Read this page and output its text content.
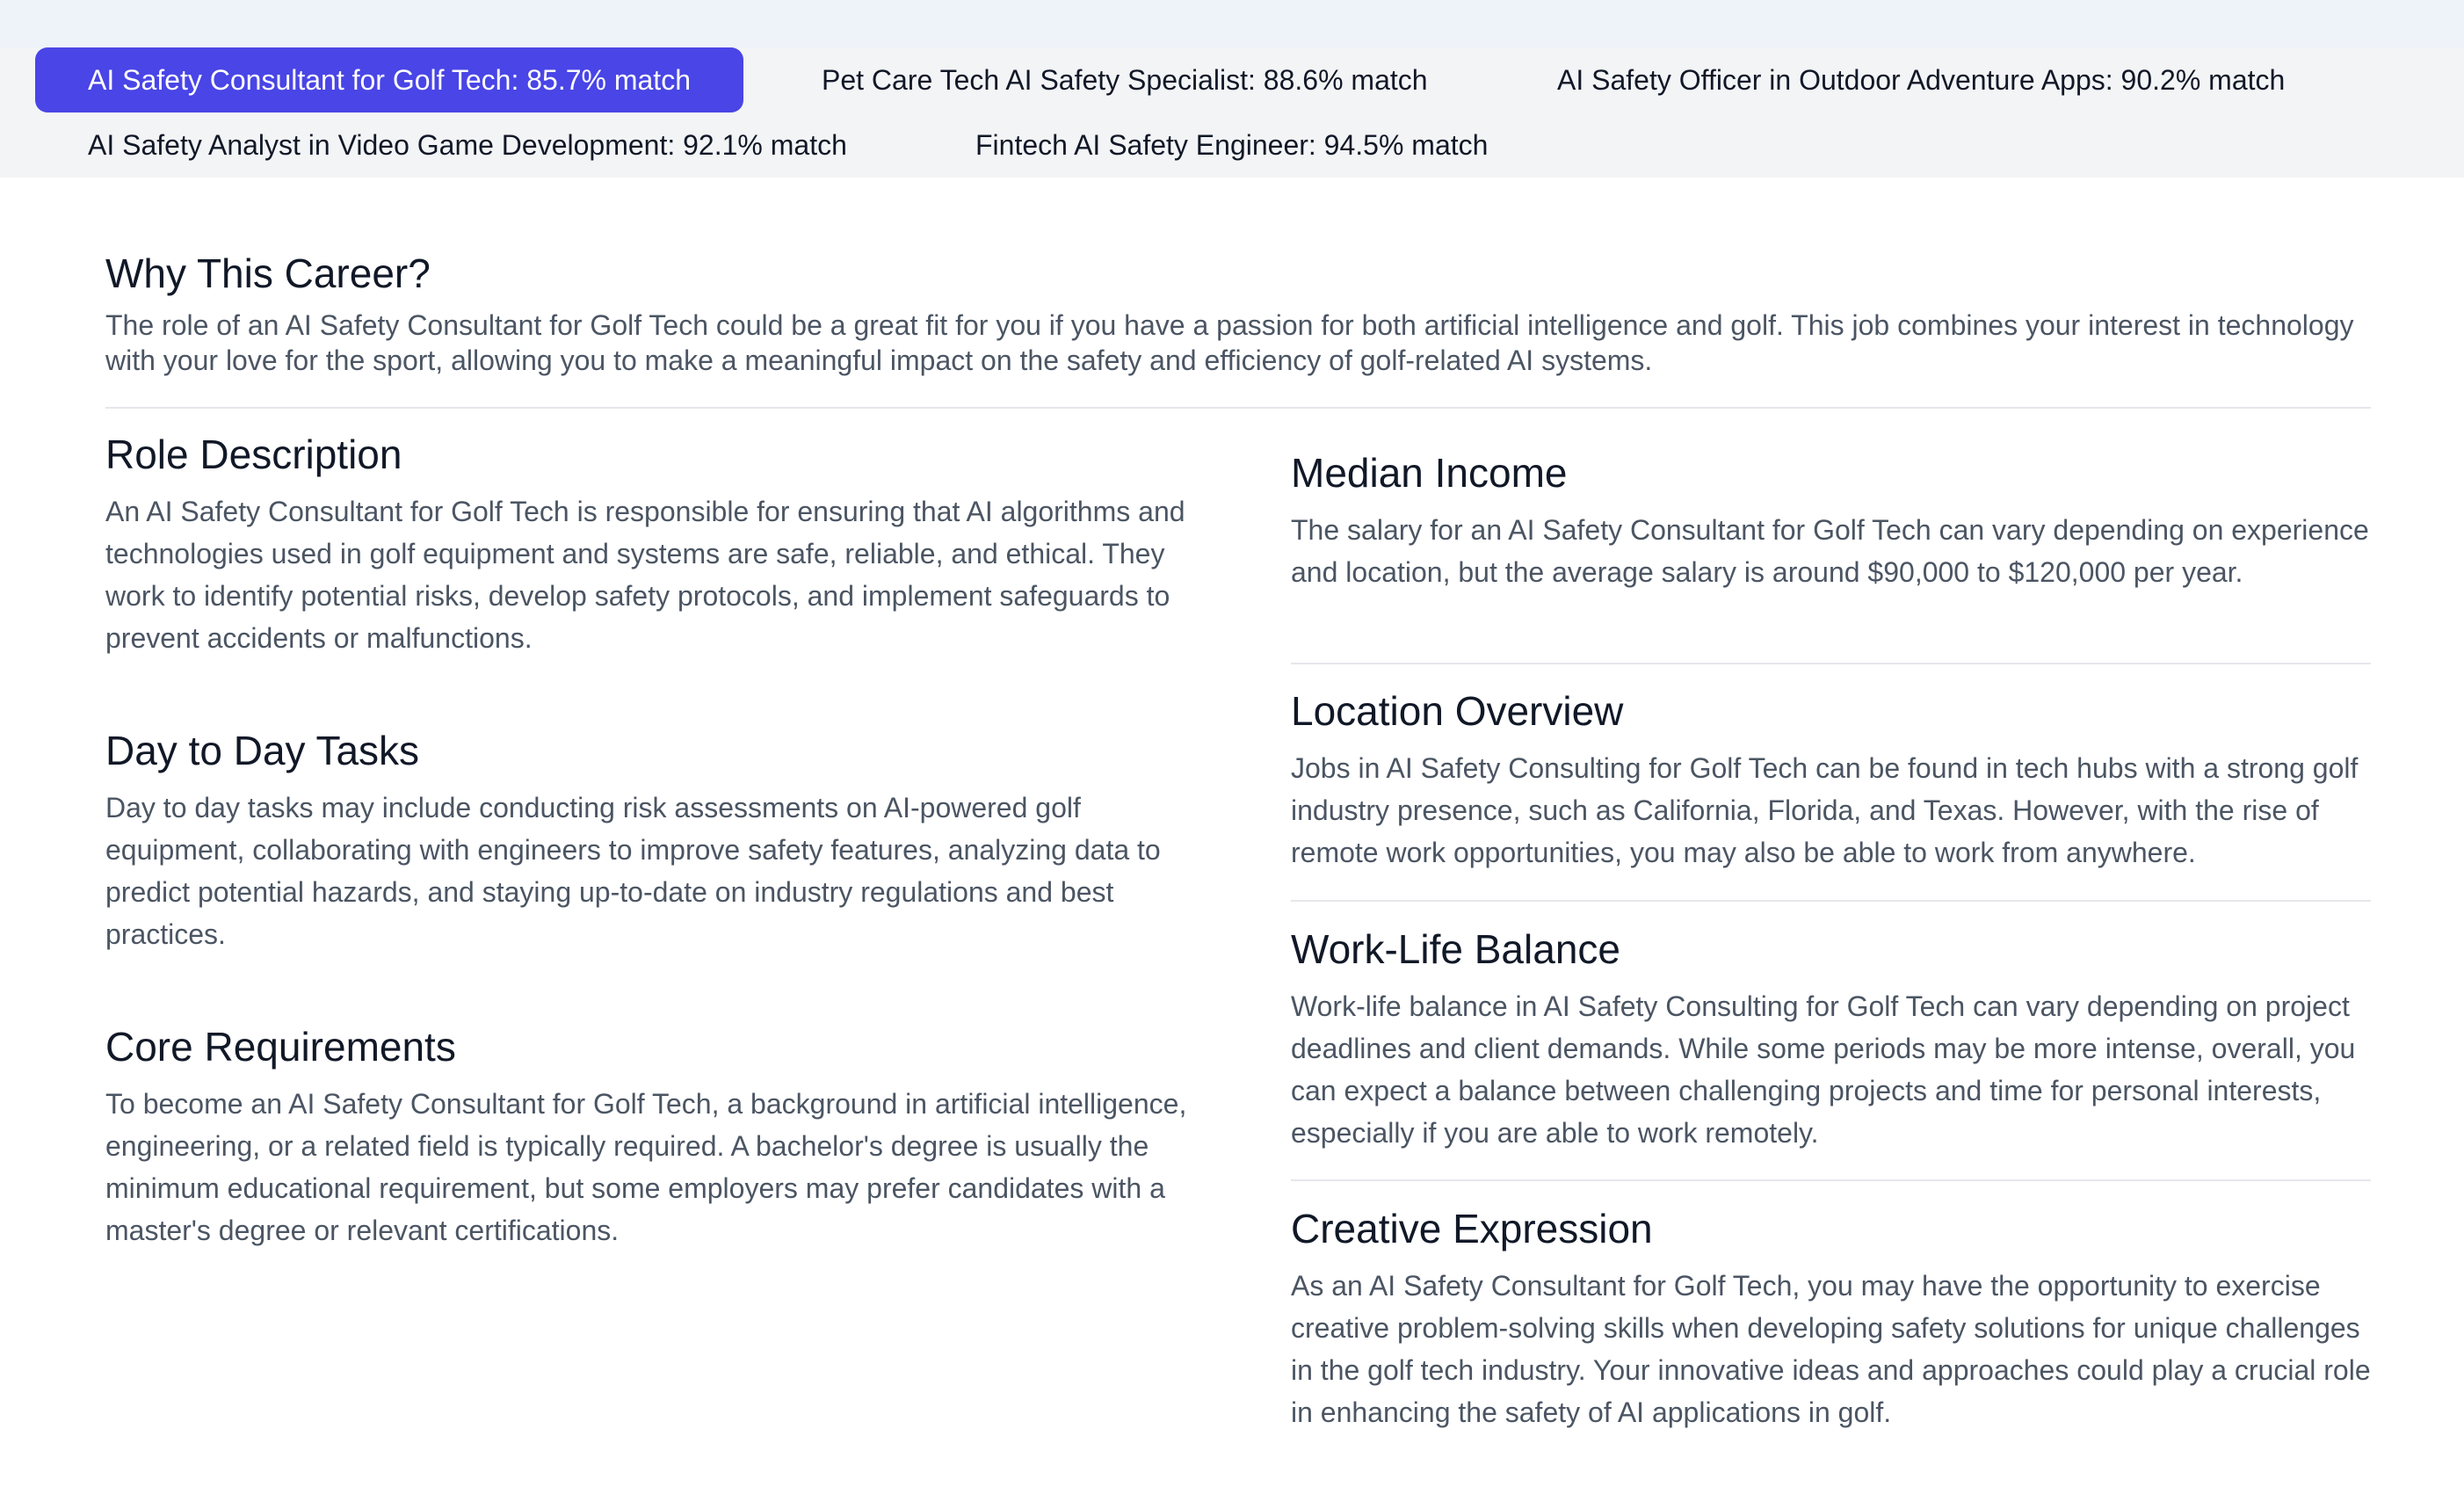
AI Safety Consultant for Golf Tech: 85.7% match	Pet Care Tech AI Safety Specialist: 88.6% match	AI Safety Officer in Outdoor Adventure Apps: 90.2% match
AI Safety Analyst in Video Game Development: 92.1% match	Fintech AI Safety Engineer: 94.5% match
Why This Career?

The role of an AI Safety Consultant for Golf Tech could be a great fit for you if you have a passion for both artificial intelligence and golf. This job combines your interest in technology with your love for the sport, allowing you to make a meaningful impact on the safety and efficiency of golf-related AI systems.

Role Description

An AI Safety Consultant for Golf Tech is responsible for ensuring that AI algorithms and technologies used in golf equipment and systems are safe, reliable, and ethical. They work to identify potential risks, develop safety protocols, and implement safeguards to prevent accidents or malfunctions.

Day to Day Tasks

Day to day tasks may include conducting risk assessments on AI-powered golf equipment, collaborating with engineers to improve safety features, analyzing data to predict potential hazards, and staying up-to-date on industry regulations and best practices.

Core Requirements

To become an AI Safety Consultant for Golf Tech, a background in artificial intelligence, engineering, or a related field is typically required. A bachelor's degree is usually the minimum educational requirement, but some employers may prefer candidates with a master's degree or relevant certifications.

Median Income

The salary for an AI Safety Consultant for Golf Tech can vary depending on experience and location, but the average salary is around $90,000 to $120,000 per year.

Location Overview

Jobs in AI Safety Consulting for Golf Tech can be found in tech hubs with a strong golf industry presence, such as California, Florida, and Texas. However, with the rise of remote work opportunities, you may also be able to work from anywhere.

Work-Life Balance

Work-life balance in AI Safety Consulting for Golf Tech can vary depending on project deadlines and client demands. While some periods may be more intense, overall, you can expect a balance between challenging projects and time for personal interests, especially if you are able to work remotely.

Creative Expression

As an AI Safety Consultant for Golf Tech, you may have the opportunity to exercise creative problem-solving skills when developing safety solutions for unique challenges in the golf tech industry. Your innovative ideas and approaches could play a crucial role in enhancing the safety of AI applications in golf.
